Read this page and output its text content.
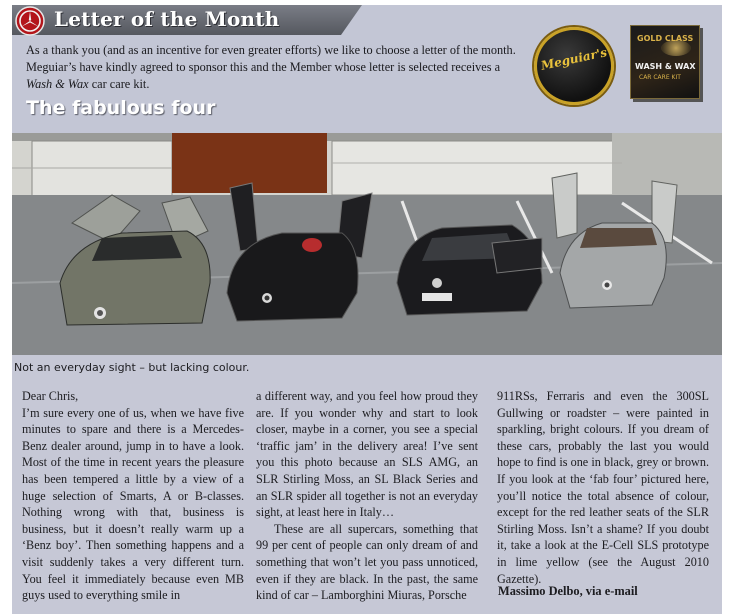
Letter of the Month
As a thank you (and as an incentive for even greater efforts) we like to choose a letter of the month.
Meguiar’s have kindly agreed to sponsor this and the Member whose letter is selected receives a
Wash & Wax car care kit.
Meguiar's
GOLD CLASS
WASH & WAX
CAR CARE KIT
The fabulous four
Not an everyday sight – but lacking colour.

Dear Chris,

I’m sure every one of us, when we have five minutes to spare and there is a Mercedes-Benz dealer around, jump in to have a look. Most of the time in recent years the pleasure has been tempered a little by a view of a huge selection of Smarts, A or B-classes. Nothing wrong with that, business is business, but it doesn’t really warm up a ‘Benz boy’. Then something happens and a visit suddenly takes a very different turn. You feel it immediately because even MB guys used to everything smile in

a different way, and you feel how proud they are. If you wonder why and start to look closer, maybe in a corner, you see a special ‘traffic jam’ in the delivery area! I’ve sent you this photo because an SLS AMG, an SLR Stirling Moss, an SL Black Series and an SLR spider all together is not an everyday sight, at least here in Italy…

These are all supercars, something that 99 per cent of people can only dream of and something that won’t let you pass unnoticed, even if they are black. In the past, the same kind of car – Lamborghini Miuras, Porsche

911RSs, Ferraris and even the 300SL Gullwing or roadster – were painted in sparkling, bright colours. If you dream of these cars, probably the last you would hope to find is one in black, grey or brown. If you look at the ‘fab four’ pictured here, you’ll notice the total absence of colour, except for the red leather seats of the SLR Stirling Moss. Isn’t a shame? If you doubt it, take a look at the E-Cell SLS prototype in lime yellow (see the August 2010 Gazette).

Massimo Delbo, via e-mail
